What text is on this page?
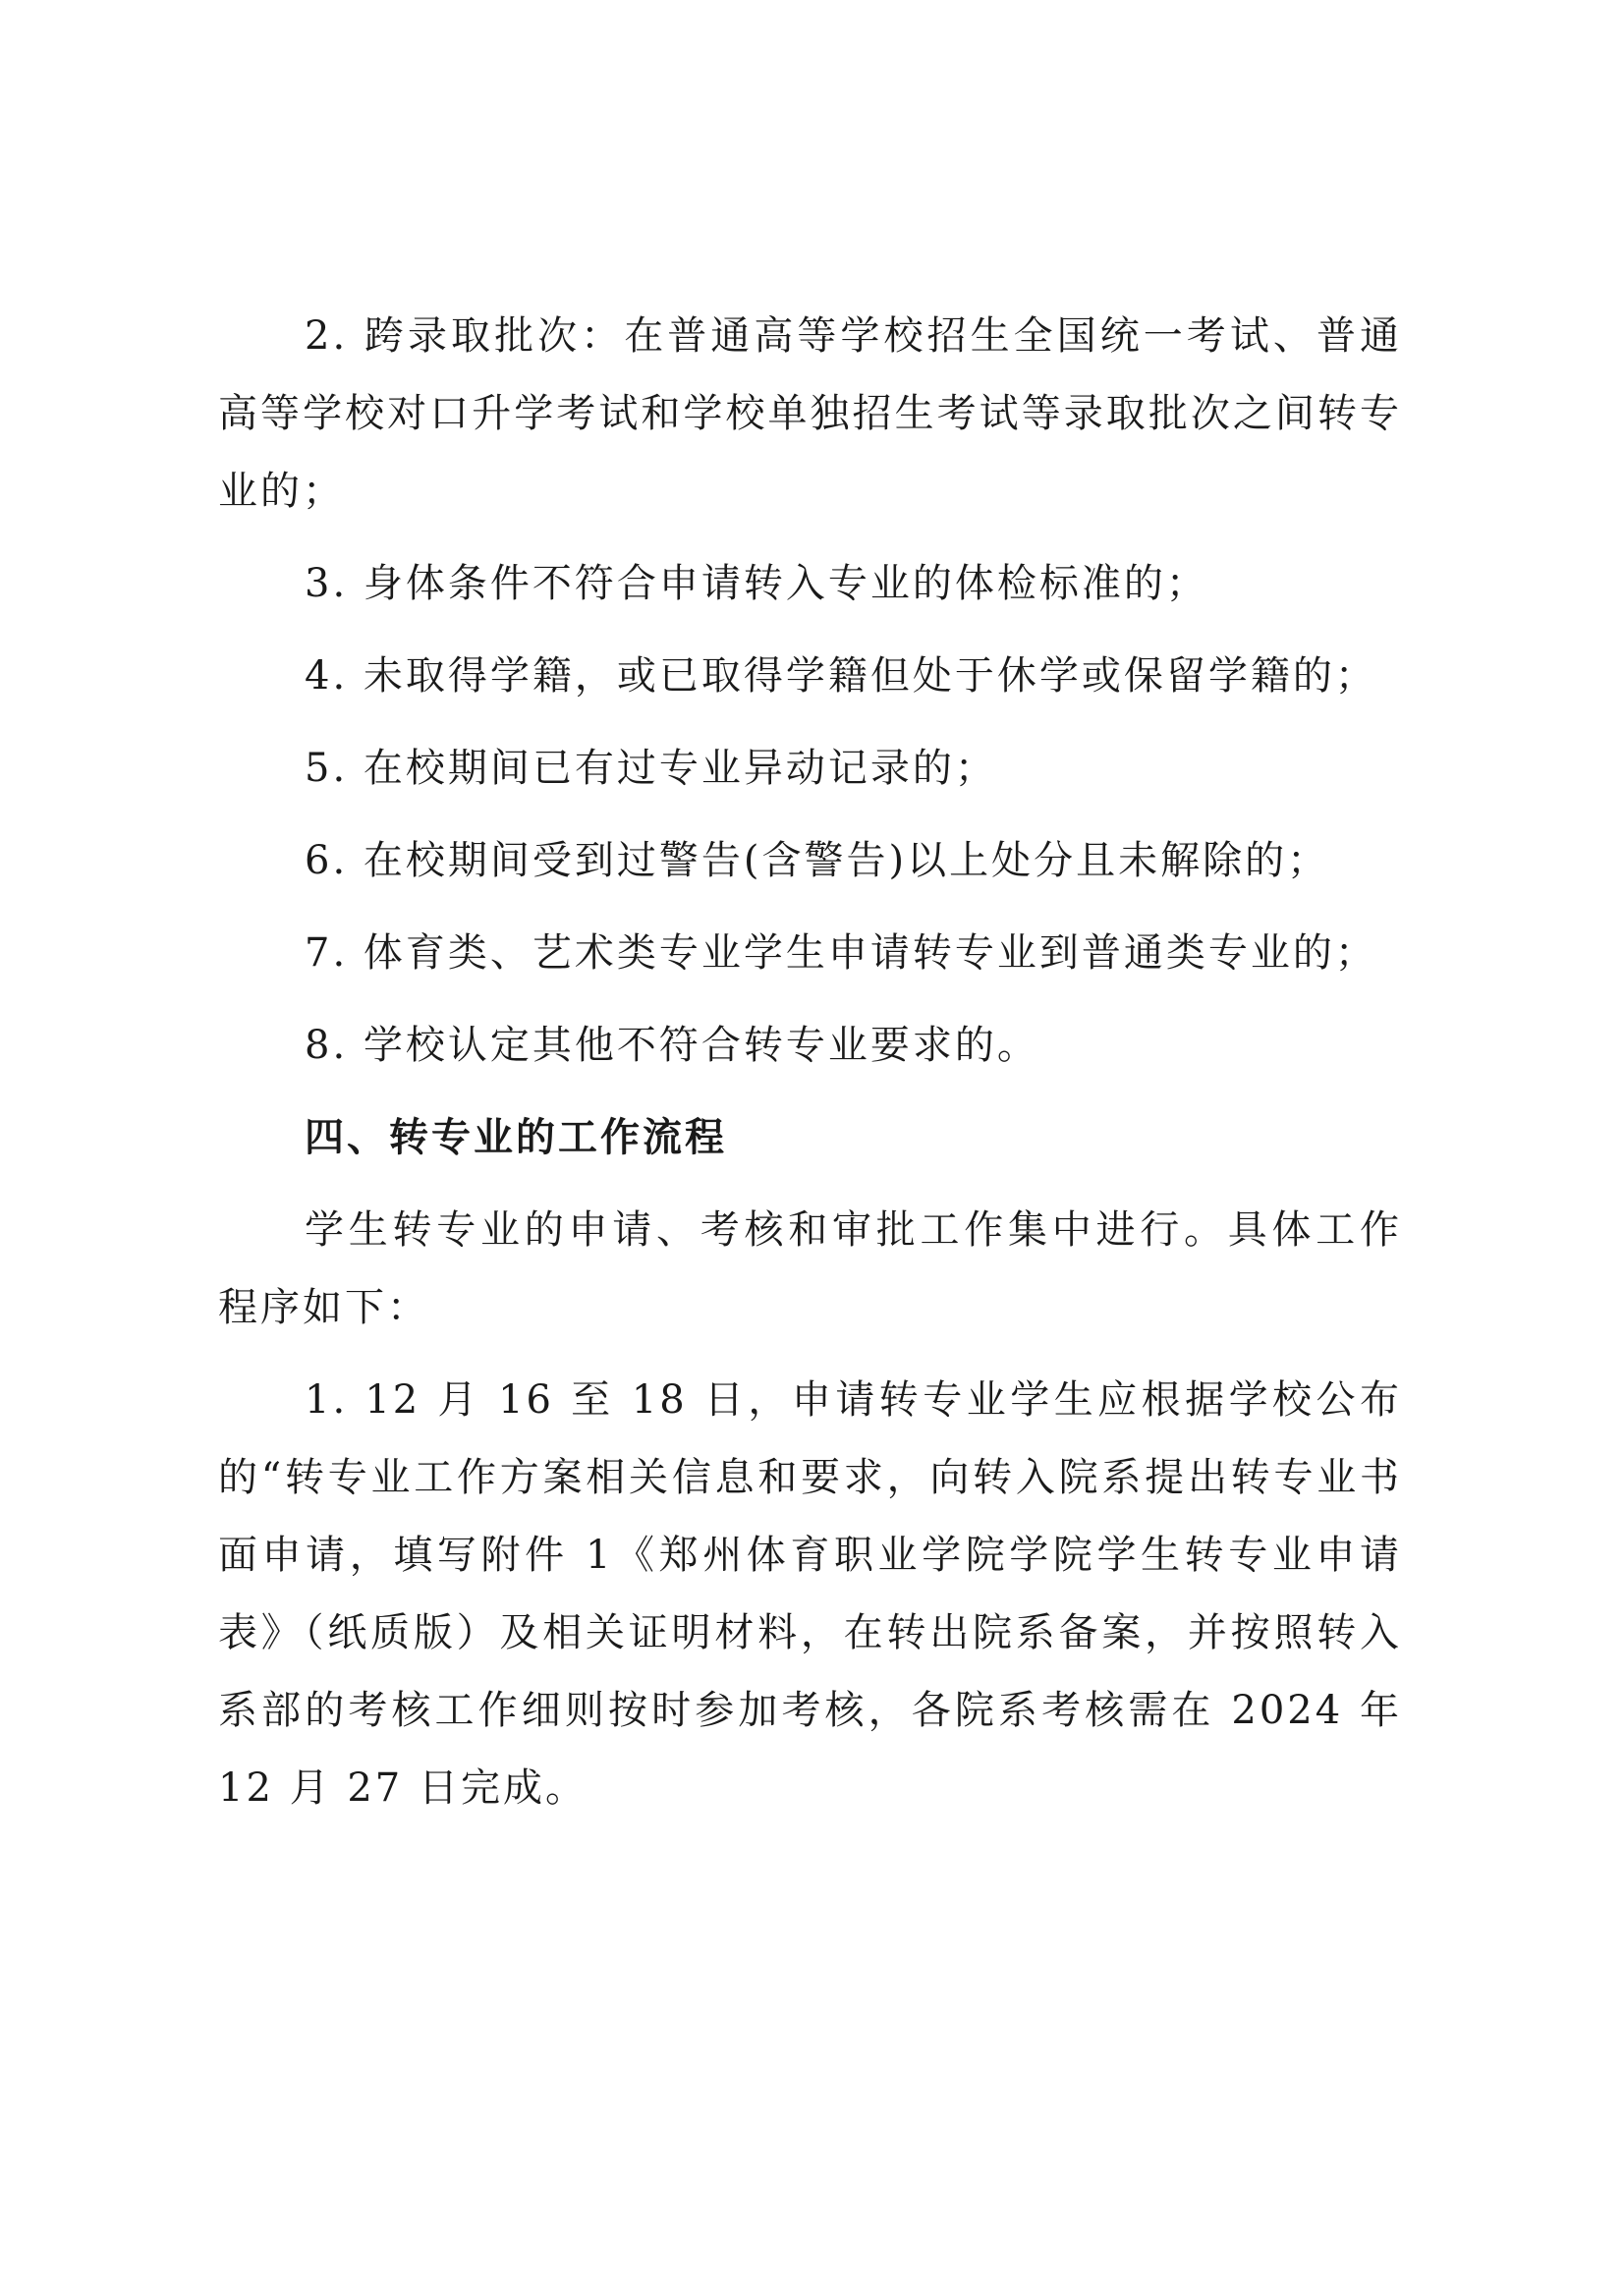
2. 跨录取批次：在普通高等学校招生全国统一考试、普通高等学校对口升学考试和学校单独招生考试等录取批次之间转专业的；

3. 身体条件不符合申请转入专业的体检标准的；

4. 未取得学籍，或已取得学籍但处于休学或保留学籍的；

5. 在校期间已有过专业异动记录的；

6. 在校期间受到过警告(含警告)以上处分且未解除的；

7. 体育类、艺术类专业学生申请转专业到普通类专业的；

8. 学校认定其他不符合转专业要求的。

四、转专业的工作流程

学生转专业的申请、考核和审批工作集中进行。具体工作程序如下：

1. 12 月 16 至 18 日，申请转专业学生应根据学校公布的“转专业工作方案相关信息和要求，向转入院系提出转专业书面申请，填写附件 1《郑州体育职业学院学院学生转专业申请表》（纸质版）及相关证明材料，在转出院系备案，并按照转入系部的考核工作细则按时参加考核，各院系考核需在 2024 年 12 月 27 日完成。
